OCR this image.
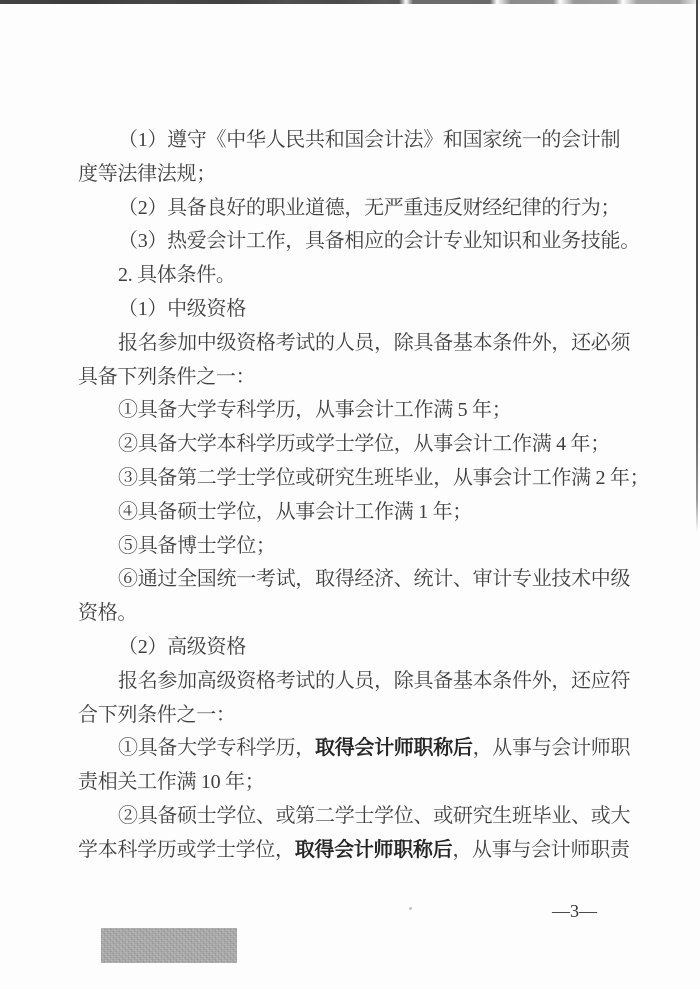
（1）遵守《中华人民共和国会计法》和国家统一的会计制
度等法律法规；
（2）具备良好的职业道德，无严重违反财经纪律的行为；
（3）热爱会计工作，具备相应的会计专业知识和业务技能。
2. 具体条件。
（1）中级资格
报名参加中级资格考试的人员，除具备基本条件外，还必须
具备下列条件之一：
①具备大学专科学历，从事会计工作满 5 年；
②具备大学本科学历或学士学位，从事会计工作满 4 年；
③具备第二学士学位或研究生班毕业，从事会计工作满 2 年；
④具备硕士学位，从事会计工作满 1 年；
⑤具备博士学位；
⑥通过全国统一考试，取得经济、统计、审计专业技术中级
资格。
（2）高级资格
报名参加高级资格考试的人员，除具备基本条件外，还应符
合下列条件之一：
①具备大学专科学历，取得会计师职称后，从事与会计师职
责相关工作满 10 年；
②具备硕士学位、或第二学士学位、或研究生班毕业、或大
学本科学历或学士学位，取得会计师职称后，从事与会计师职责
—3—
